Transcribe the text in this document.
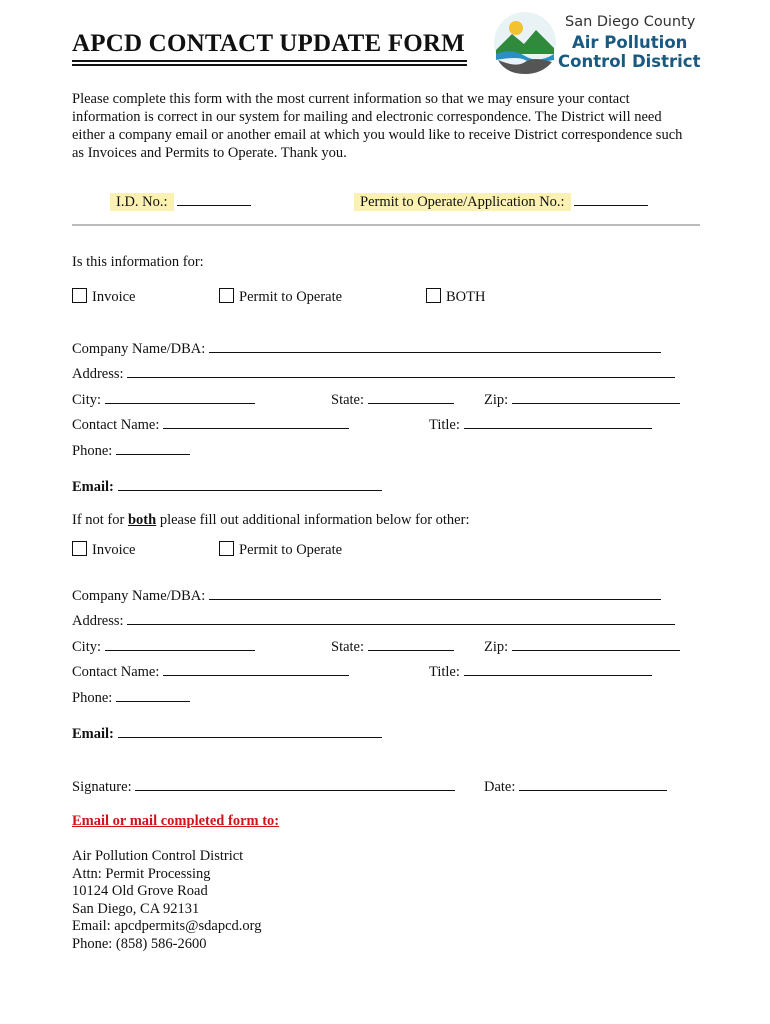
APCD CONTACT UPDATE FORM
San Diego County
Air Pollution
Control District
Please complete this form with the most current information so that we may ensure your contact information is correct in our system for mailing and electronic correspondence. The District will need either a company email or another email at which you would like to receive District correspondence such as Invoices and Permits to Operate. Thank you.
I.D. No.:	Permit to Operate/Application No.:
Is this information for:
Invoice	Permit to Operate	BOTH
Company Name/DBA:
Address:
City:	State:	Zip:
Contact Name:	Title:
Phone:
Email:
If not for both please fill out additional information below for other:
Invoice	Permit to Operate
Company Name/DBA:
Address:
City:	State:	Zip:
Contact Name:	Title:
Phone:
Email:
Signature:	Date:
Email or mail completed form to:
Air Pollution Control District
Attn: Permit Processing
10124 Old Grove Road
San Diego, CA 92131
Email: apcdpermits@sdapcd.org
Phone: (858) 586-2600
